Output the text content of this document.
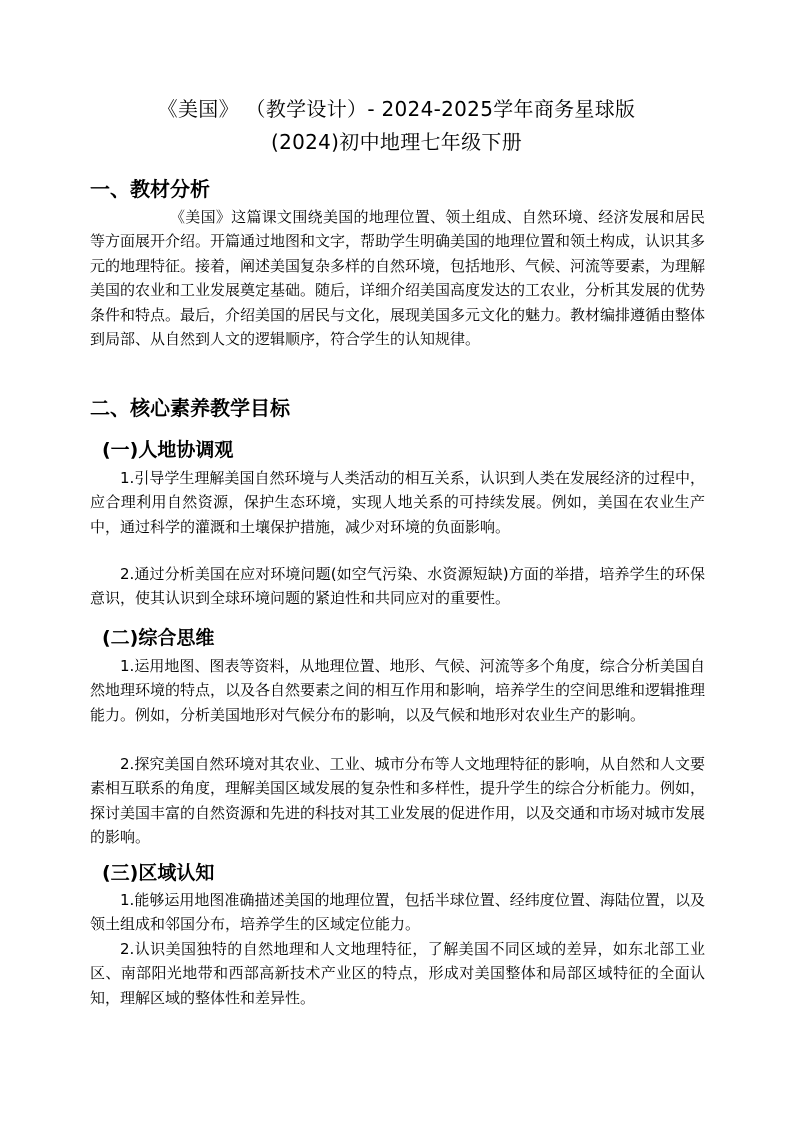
《美国》 （教学设计）- 2024-2025学年商务星球版
(2024)初中地理七年级下册
一、教材分析

《美国》这篇课文围绕美国的地理位置、领土组成、自然环境、经济发展和居民等方面展开介绍。开篇通过地图和文字，帮助学生明确美国的地理位置和领土构成，认识其多元的地理特征。接着，阐述美国复杂多样的自然环境，包括地形、气候、河流等要素，为理解美国的农业和工业发展奠定基础。随后，详细介绍美国高度发达的工农业，分析其发展的优势条件和特点。最后，介绍美国的居民与文化，展现美国多元文化的魅力。教材编排遵循由整体到局部、从自然到人文的逻辑顺序，符合学生的认知规律。

二、核心素养教学目标
(一)人地协调观

1.引导学生理解美国自然环境与人类活动的相互关系，认识到人类在发展经济的过程中，应合理利用自然资源，保护生态环境，实现人地关系的可持续发展。例如，美国在农业生产中，通过科学的灌溉和土壤保护措施，减少对环境的负面影响。

2.通过分析美国在应对环境问题(如空气污染、水资源短缺)方面的举措，培养学生的环保意识，使其认识到全球环境问题的紧迫性和共同应对的重要性。

(二)综合思维

1.运用地图、图表等资料，从地理位置、地形、气候、河流等多个角度，综合分析美国自然地理环境的特点，以及各自然要素之间的相互作用和影响，培养学生的空间思维和逻辑推理能力。例如，分析美国地形对气候分布的影响，以及气候和地形对农业生产的影响。

2.探究美国自然环境对其农业、工业、城市分布等人文地理特征的影响，从自然和人文要素相互联系的角度，理解美国区域发展的复杂性和多样性，提升学生的综合分析能力。例如，探讨美国丰富的自然资源和先进的科技对其工业发展的促进作用，以及交通和市场对城市发展的影响。

(三)区域认知

1.能够运用地图准确描述美国的地理位置，包括半球位置、经纬度位置、海陆位置，以及领土组成和邻国分布，培养学生的区域定位能力。

2.认识美国独特的自然地理和人文地理特征，了解美国不同区域的差异，如东北部工业区、南部阳光地带和西部高新技术产业区的特点，形成对美国整体和局部区域特征的全面认知，理解区域的整体性和差异性。
